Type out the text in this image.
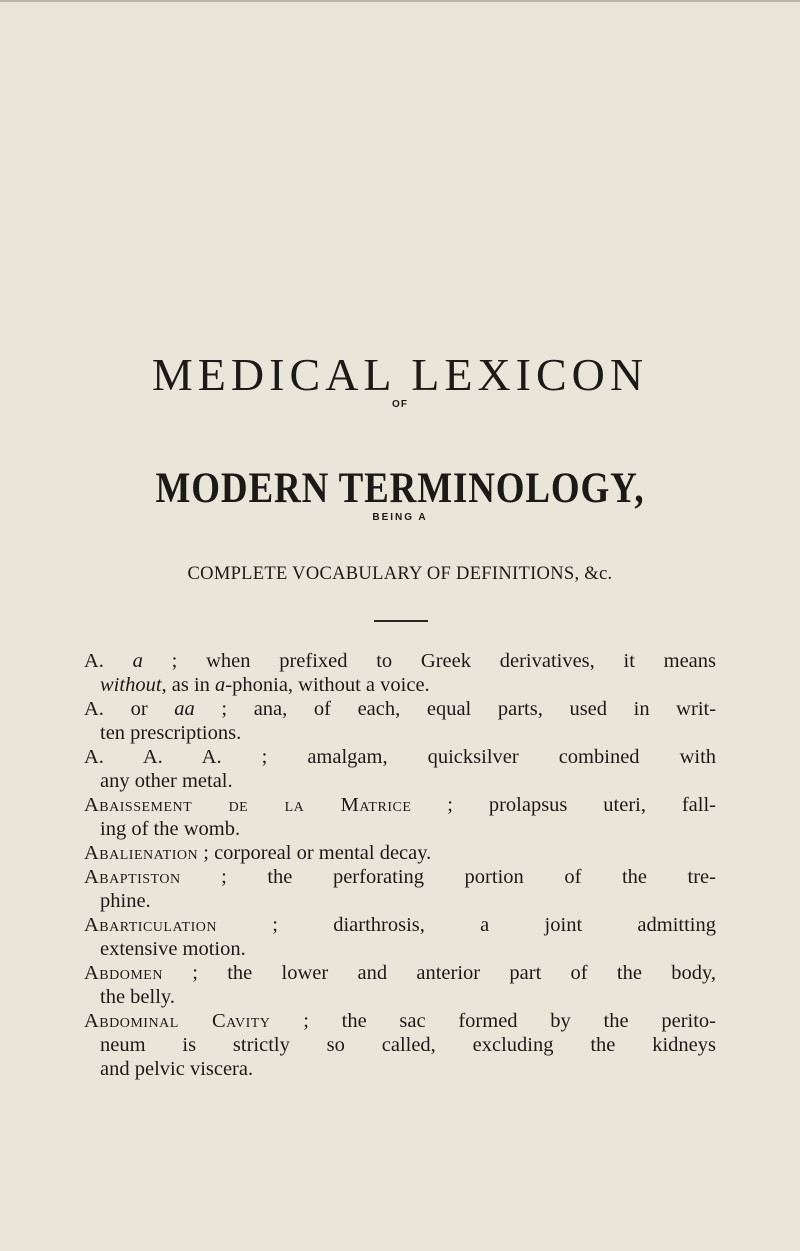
MEDICAL LEXICON
OF
MODERN TERMINOLOGY,
BEING A
COMPLETE VOCABULARY OF DEFINITIONS, &c.
A. a ; when prefixed to Greek derivatives, it means
without, as in a-phonia, without a voice.
A. or aa ; ana, of each, equal parts, used in writ-
ten prescriptions.
A. A. A. ; amalgam, quicksilver combined with
any other metal.
Abaissement de la Matrice ; prolapsus uteri, fall-
ing of the womb.
Abalienation ; corporeal or mental decay.
Abaptiston ; the perforating portion of the tre-
phine.
Abarticulation	; diarthrosis, a joint admitting
extensive motion.
Abdomen ; the lower and anterior part of the body,
the belly.
Abdominal Cavity ; the sac formed by the perito-
neum is strictly so called, excluding the kidneys
and pelvic viscera.
